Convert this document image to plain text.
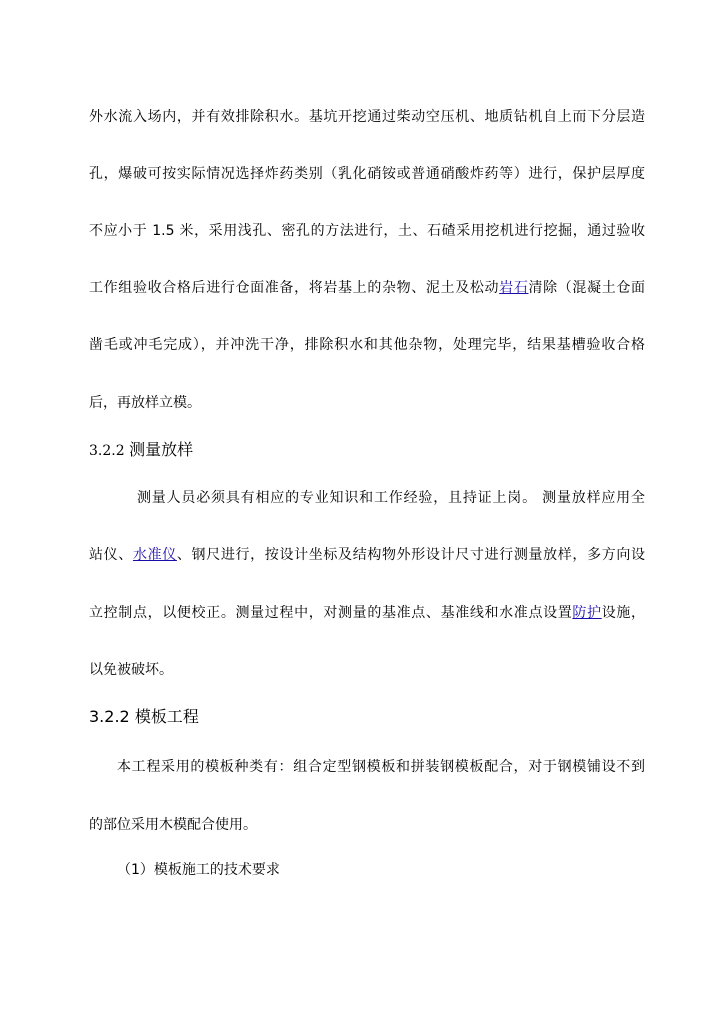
外水流入场内，并有效排除积水。基坑开挖通过柴动空压机、地质钻机自上而下分层造
孔，爆破可按实际情况选择炸药类别（乳化硝铵或普通硝酸炸药等）进行，保护层厚度
不应小于 1.5 米，采用浅孔、密孔的方法进行，土、石碴采用挖机进行挖掘，通过验收
工作组验收合格后进行仓面准备，将岩基上的杂物、泥土及松动岩石清除（混凝土仓面
凿毛或冲毛完成），并冲洗干净，排除积水和其他杂物，处理完毕，结果基槽验收合格
后，再放样立模。
3.2.2 测量放样
测量人员必须具有相应的专业知识和工作经验，且持证上岗。 测量放样应用全
站仪、水准仪、钢尺进行，按设计坐标及结构物外形设计尺寸进行测量放样，多方向设
立控制点，以便校正。测量过程中，对测量的基准点、基准线和水准点设置防护设施，
以免被破坏。
3.2.2 模板工程
本工程采用的模板种类有：组合定型钢模板和拼装钢模板配合，对于钢模铺设不到
的部位采用木模配合使用。
（1）模板施工的技术要求
